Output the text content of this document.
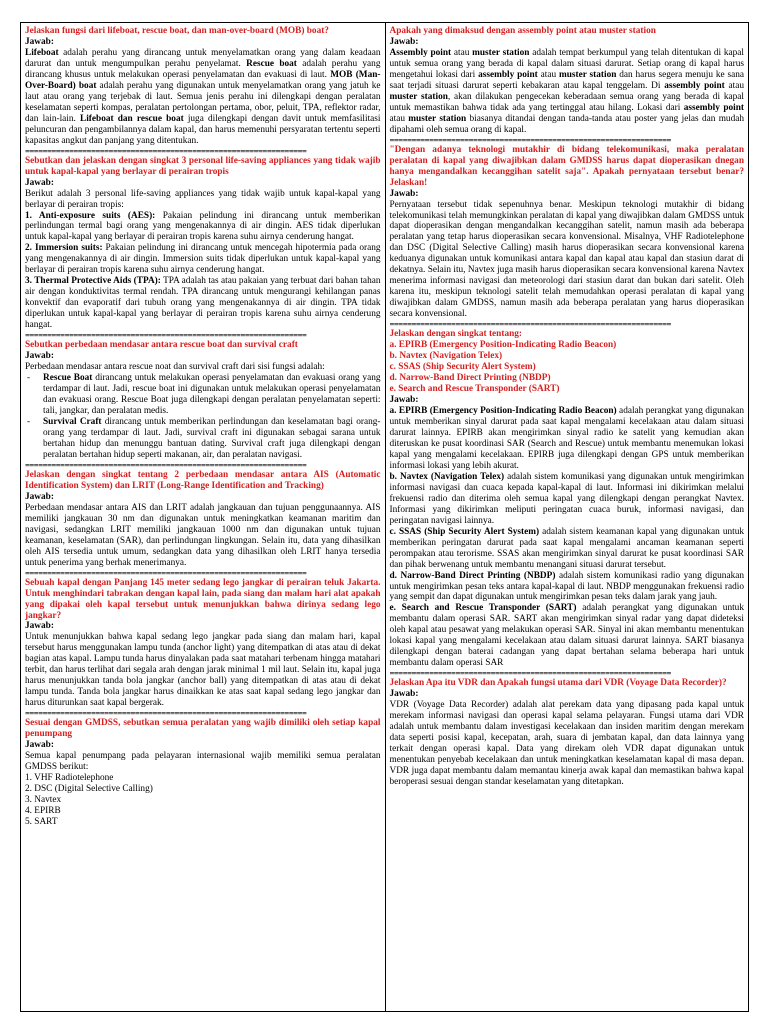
Jelaskan fungsi dari lifeboat, rescue boat, dan man-over-board (MOB) boat?

Jawab:

Lifeboat adalah perahu yang dirancang untuk menyelamatkan orang yang dalam keadaan darurat dan untuk mengumpulkan perahu penyelamat. Rescue boat adalah perahu yang dirancang khusus untuk melakukan operasi penyelamatan dan evakuasi di laut. MOB (Man-Over-Board) boat adalah perahu yang digunakan untuk menyelamatkan orang yang jatuh ke laut atau orang yang terjebak di laut. Semua jenis perahu ini dilengkapi dengan peralatan keselamatan seperti kompas, peralatan pertolongan pertama, obor, peluit, TPA, reflektor radar, dan lain-lain. Lifeboat dan rescue boat juga dilengkapi dengan davit untuk memfasilitasi peluncuran dan pengambilannya dalam kapal, dan harus memenuhi persyaratan tertentu seperti kapasitas angkut dan panjang yang ditentukan.

================================================================

Sebutkan dan jelaskan dengan singkat 3 personal life-saving appliances yang tidak wajib untuk kapal-kapal yang berlayar di perairan tropis

Jawab:

Berikut adalah 3 personal life-saving appliances yang tidak wajib untuk kapal-kapal yang berlayar di perairan tropis:

1. Anti-exposure suits (AES): Pakaian pelindung ini dirancang untuk memberikan perlindungan termal bagi orang yang mengenakannya di air dingin. AES tidak diperlukan untuk kapal-kapal yang berlayar di perairan tropis karena suhu airnya cenderung hangat.

2. Immersion suits: Pakaian pelindung ini dirancang untuk mencegah hipotermia pada orang yang mengenakannya di air dingin. Immersion suits tidak diperlukan untuk kapal-kapal yang berlayar di perairan tropis karena suhu airnya cenderung hangat.

3. Thermal Protective Aids (TPA): TPA adalah tas atau pakaian yang terbuat dari bahan tahan air dengan konduktivitas termal rendah. TPA dirancang untuk mengurangi kehilangan panas konvektif dan evaporatif dari tubuh orang yang mengenakannya di air dingin. TPA tidak diperlukan untuk kapal-kapal yang berlayar di perairan tropis karena suhu airnya cenderung hangat.

================================================================

Sebutkan perbedaan mendasar antara rescue boat dan survival craft

Jawab:

Perbedaan mendasar antara rescue noat dan survival craft dari sisi fungsi adalah:

- Rescue Boat dirancang untuk melakukan operasi penyelamatan dan evakuasi orang yang terdampar di laut. Jadi, rescue boat ini digunakan untuk melakukan operasi penyelamatan dan evakuasi orang. Rescue Boat juga dilengkapi dengan peralatan penyelamatan seperti: tali, jangkar, dan peralatan medis.
- Survival Craft dirancang untuk memberikan perlindungan dan keselamatan bagi orang-orang yang terdampar di laut. Jadi, survival craft ini digunakan sebagai sarana untuk bertahan hidup dan menunggu bantuan dating. Survival craft juga dilengkapi dengan peralatan bertahan hidup seperti makanan, air, dan peralatan navigasi.
================================================================

Jelaskan dengan singkat tentang 2 perbedaan mendasar antara AIS (Automatic Identification System) dan LRIT (Long-Range Identification and Tracking)

Jawab:

Perbedaan mendasar antara AIS dan LRIT adalah jangkauan dan tujuan penggunaannya. AIS memiliki jangkauan 30 nm dan digunakan untuk meningkatkan keamanan maritim dan navigasi, sedangkan LRIT memiliki jangkauan 1000 nm dan digunakan untuk tujuan keamanan, keselamatan (SAR), dan perlindungan lingkungan. Selain itu, data yang dihasilkan oleh AIS tersedia untuk umum, sedangkan data yang dihasilkan oleh LRIT hanya tersedia untuk penerima yang berhak menerimanya.

================================================================

Sebuah kapal dengan Panjang 145 meter sedang lego jangkar di perairan teluk Jakarta. Untuk menghindari tabrakan dengan kapal lain, pada siang dan malam hari alat apakah yang dipakai oleh kapal tersebut untuk menunjukkan bahwa dirinya sedang lego jangkar?

Jawab:

Untuk menunjukkan bahwa kapal sedang lego jangkar pada siang dan malam hari, kapal tersebut harus menggunakan lampu tunda (anchor light) yang ditempatkan di atas atau di dekat bagian atas kapal. Lampu tunda harus dinyalakan pada saat matahari terbenam hingga matahari terbit, dan harus terlihat dari segala arah dengan jarak minimal 1 mil laut. Selain itu, kapal juga harus menunjukkan tanda bola jangkar (anchor ball) yang ditempatkan di atas atau di dekat lampu tunda. Tanda bola jangkar harus dinaikkan ke atas saat kapal sedang lego jangkar dan harus diturunkan saat kapal bergerak.

================================================================

Sesuai dengan GMDSS, sebutkan semua peralatan yang wajib dimiliki oleh setiap kapal penumpang

Jawab:

Semua kapal penumpang pada pelayaran internasional wajib memiliki semua peralatan GMDSS berikut:

1. VHF Radiotelephone

2. DSC (Digital Selective Calling)

3. Navtex

4. EPIRB

5. SART

Apakah yang dimaksud dengan assembly point atau muster station

Jawab:

Assembly point atau muster station adalah tempat berkumpul yang telah ditentukan di kapal untuk semua orang yang berada di kapal dalam situasi darurat. Setiap orang di kapal harus mengetahui lokasi dari assembly point atau muster station dan harus segera menuju ke sana saat terjadi situasi darurat seperti kebakaran atau kapal tenggelam. Di assembly point atau muster station, akan dilakukan pengecekan keberadaan semua orang yang berada di kapal untuk memastikan bahwa tidak ada yang tertinggal atau hilang. Lokasi dari assembly point atau muster station biasanya ditandai dengan tanda-tanda atau poster yang jelas dan mudah dipahami oleh semua orang di kapal.

================================================================

"Dengan adanya teknologi mutakhir di bidang telekomunikasi, maka peralatan peralatan di kapal yang diwajibkan dalam GMDSS harus dapat dioperasikan dnegan hanya mengandalkan kecanggihan satelit saja". Apakah pernyataan tersebut benar? Jelaskan!

Jawab:

Pernyataan tersebut tidak sepenuhnya benar. Meskipun teknologi mutakhir di bidang telekomunikasi telah memungkinkan peralatan di kapal yang diwajibkan dalam GMDSS untuk dapat dioperasikan dengan mengandalkan kecanggihan satelit, namun masih ada beberapa peralatan yang tetap harus dioperasikan secara konvensional. Misalnya, VHF Radiotelephone dan DSC (Digital Selective Calling) masih harus dioperasikan secara konvensional karena keduanya digunakan untuk komunikasi antara kapal dan kapal atau kapal dan stasiun darat di dekatnya. Selain itu, Navtex juga masih harus dioperasikan secara konvensional karena Navtex menerima informasi navigasi dan meteorologi dari stasiun darat dan bukan dari satelit. Oleh karena itu, meskipun teknologi satelit telah memudahkan operasi peralatan di kapal yang diwajibkan dalam GMDSS, namun masih ada beberapa peralatan yang harus dioperasikan secara konvensional.

================================================================

Jelaskan dengan singkat tentang:

a. EPIRB (Emergency Position-Indicating Radio Beacon)

b. Navtex (Navigation Telex)

c. SSAS (Ship Security Alert System)

d. Narrow-Band Direct Printing (NBDP)

e. Search and Rescue Transponder (SART)

Jawab:

a. EPIRB (Emergency Position-Indicating Radio Beacon) adalah perangkat yang digunakan untuk memberikan sinyal darurat pada saat kapal mengalami kecelakaan atau dalam situasi darurat lainnya. EPIRB akan mengirimkan sinyal radio ke satelit yang kemudian akan diteruskan ke pusat koordinasi SAR (Search and Rescue) untuk membantu menemukan lokasi kapal yang mengalami kecelakaan. EPIRB juga dilengkapi dengan GPS untuk memberikan informasi lokasi yang lebih akurat.

b. Navtex (Navigation Telex) adalah sistem komunikasi yang digunakan untuk mengirimkan informasi navigasi dan cuaca kepada kapal-kapal di laut. Informasi ini dikirimkan melalui frekuensi radio dan diterima oleh semua kapal yang dilengkapi dengan perangkat Navtex. Informasi yang dikirimkan meliputi peringatan cuaca buruk, informasi navigasi, dan peringatan navigasi lainnya.

c. SSAS (Ship Security Alert System) adalah sistem keamanan kapal yang digunakan untuk memberikan peringatan darurat pada saat kapal mengalami ancaman keamanan seperti perompakan atau terorisme. SSAS akan mengirimkan sinyal darurat ke pusat koordinasi SAR dan pihak berwenang untuk membantu menangani situasi darurat tersebut.

d. Narrow-Band Direct Printing (NBDP) adalah sistem komunikasi radio yang digunakan untuk mengirimkan pesan teks antara kapal-kapal di laut. NBDP menggunakan frekuensi radio yang sempit dan dapat digunakan untuk mengirimkan pesan teks dalam jarak yang jauh.

e. Search and Rescue Transponder (SART) adalah perangkat yang digunakan untuk membantu dalam operasi SAR. SART akan mengirimkan sinyal radar yang dapat dideteksi oleh kapal atau pesawat yang melakukan operasi SAR. Sinyal ini akan membantu menentukan lokasi kapal yang mengalami kecelakaan atau dalam situasi darurat lainnya. SART biasanya dilengkapi dengan baterai cadangan yang dapat bertahan selama beberapa hari untuk membantu dalam operasi SAR

================================================================

Jelaskan Apa itu VDR dan Apakah fungsi utama dari VDR (Voyage Data Recorder)?

Jawab:

VDR (Voyage Data Recorder) adalah alat perekam data yang dipasang pada kapal untuk merekam informasi navigasi dan operasi kapal selama pelayaran. Fungsi utama dari VDR adalah untuk membantu dalam investigasi kecelakaan dan insiden maritim dengan merekam data seperti posisi kapal, kecepatan, arah, suara di jembatan kapal, dan data lainnya yang terkait dengan operasi kapal. Data yang direkam oleh VDR dapat digunakan untuk menentukan penyebab kecelakaan dan untuk meningkatkan keselamatan kapal di masa depan. VDR juga dapat membantu dalam memantau kinerja awak kapal dan memastikan bahwa kapal beroperasi sesuai dengan standar keselamatan yang ditetapkan.
